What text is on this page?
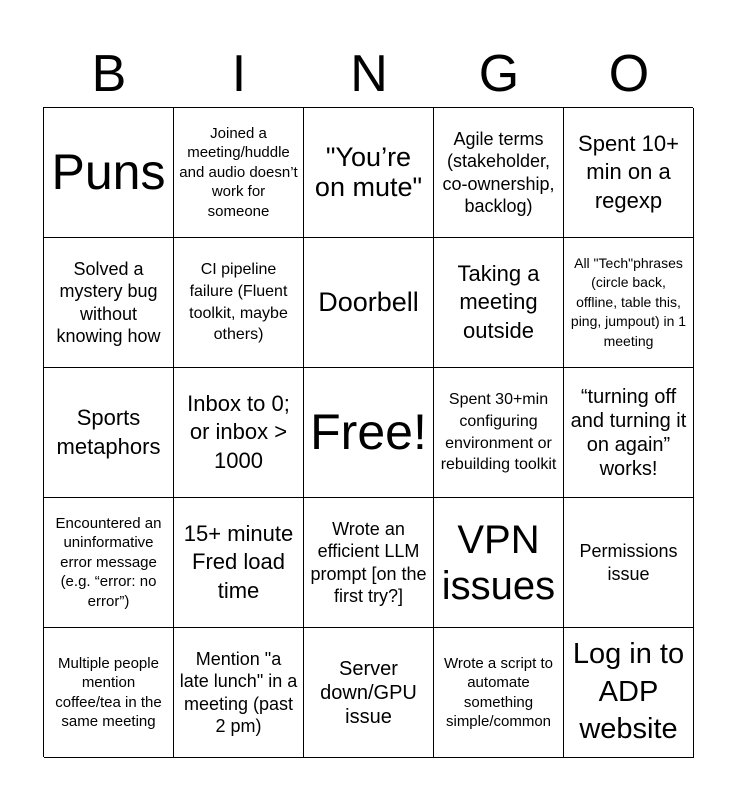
B	I	N	G	O
Puns
Joined a meeting/huddle and audio doesn’t work for someone
"You’re on mute"
Agile terms (stakeholder, co-ownership, backlog)
Spent 10+ min on a regexp
Solved a mystery bug without knowing how
CI pipeline failure (Fluent toolkit, maybe others)
Doorbell
Taking a meeting outside
All "Tech"phrases (circle back, offline, table this, ping, jumpout) in 1 meeting
Sports metaphors
Inbox to 0; or inbox > 1000
Free!
Spent 30+min configuring environment or rebuilding toolkit
“turning off and turning it on again” works!
Encountered an uninformative error message (e.g. “error: no error”)
15+ minute Fred load time
Wrote an efficient LLM prompt [on the first try?]
VPN issues
Permissions issue
Multiple people mention coffee/tea in the same meeting
Mention "a late lunch" in a meeting (past 2 pm)
Server down/GPU issue
Wrote a script to automate something simple/common
Log in to ADP website
